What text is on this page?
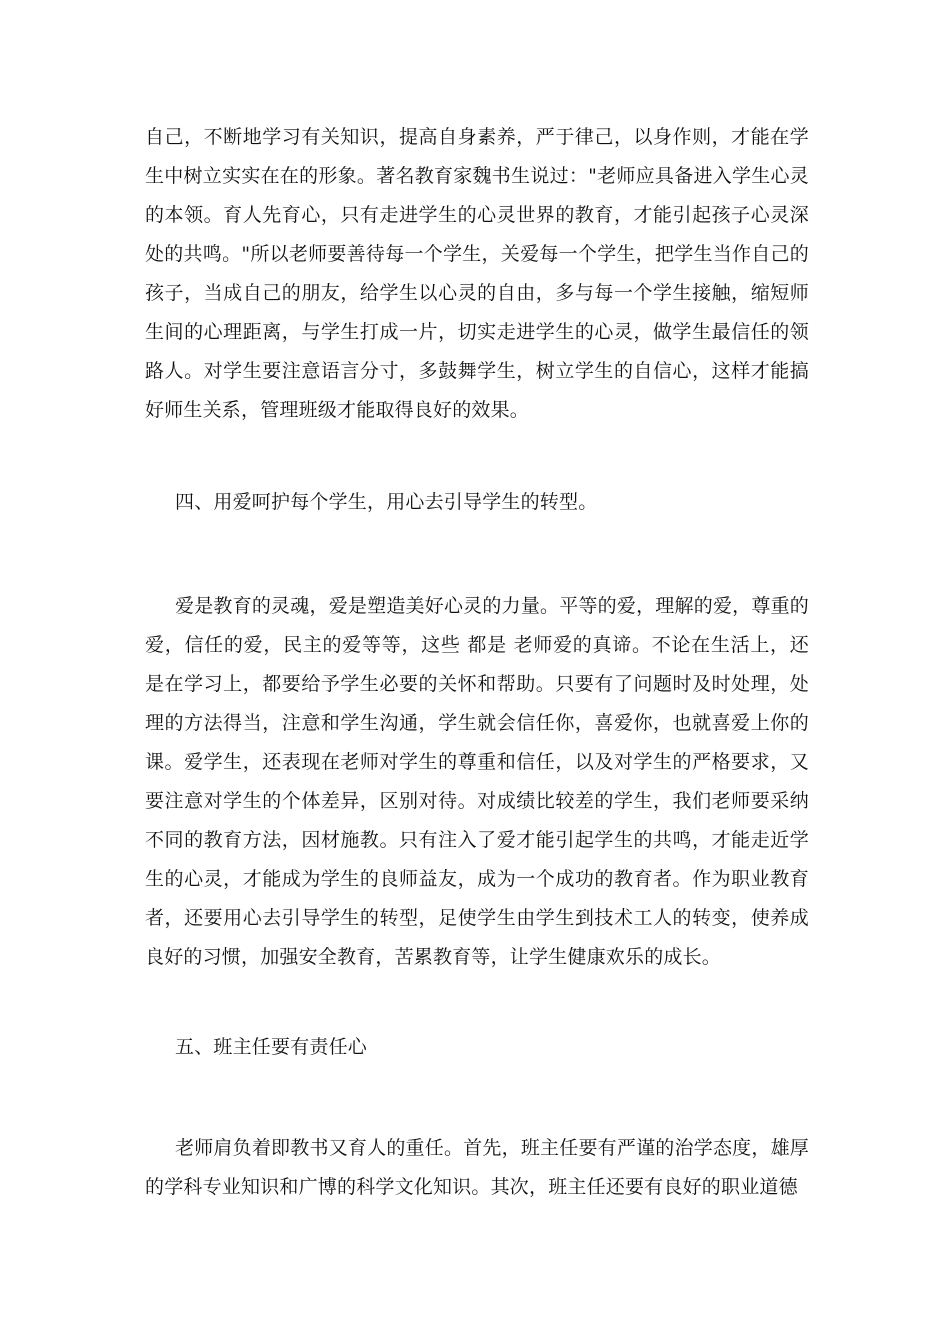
自己，不断地学习有关知识，提高自身素养，严于律己，以身作则，才能在学生中树立实实在在的形象。著名教育家魏书生说过："老师应具备进入学生心灵的本领。育人先育心，只有走进学生的心灵世界的教育，才能引起孩子心灵深处的共鸣。"所以老师要善待每一个学生，关爱每一个学生，把学生当作自己的孩子，当成自己的朋友，给学生以心灵的自由，多与每一个学生接触，缩短师生间的心理距离，与学生打成一片，切实走进学生的心灵，做学生最信任的领路人。对学生要注意语言分寸，多鼓舞学生，树立学生的自信心，这样才能搞好师生关系，管理班级才能取得良好的效果。

四、用爱呵护每个学生，用心去引导学生的转型。

爱是教育的灵魂，爱是塑造美好心灵的力量。平等的爱，理解的爱，尊重的爱，信任的爱，民主的爱等等，这些 都是 老师爱的真谛。不论在生活上，还是在学习上，都要给予学生必要的关怀和帮助。只要有了问题时及时处理，处理的方法得当，注意和学生沟通，学生就会信任你，喜爱你，也就喜爱上你的课。爱学生，还表现在老师对学生的尊重和信任，以及对学生的严格要求，又要注意对学生的个体差异，区别对待。对成绩比较差的学生，我们老师要采纳不同的教育方法，因材施教。只有注入了爱才能引起学生的共鸣，才能走近学生的心灵，才能成为学生的良师益友，成为一个成功的教育者。作为职业教育者，还要用心去引导学生的转型，足使学生由学生到技术工人的转变，使养成良好的习惯，加强安全教育，苦累教育等，让学生健康欢乐的成长。

五、班主任要有责任心

老师肩负着即教书又育人的重任。首先，班主任要有严谨的治学态度，雄厚的学科专业知识和广博的科学文化知识。其次，班主任还要有良好的职业道德
